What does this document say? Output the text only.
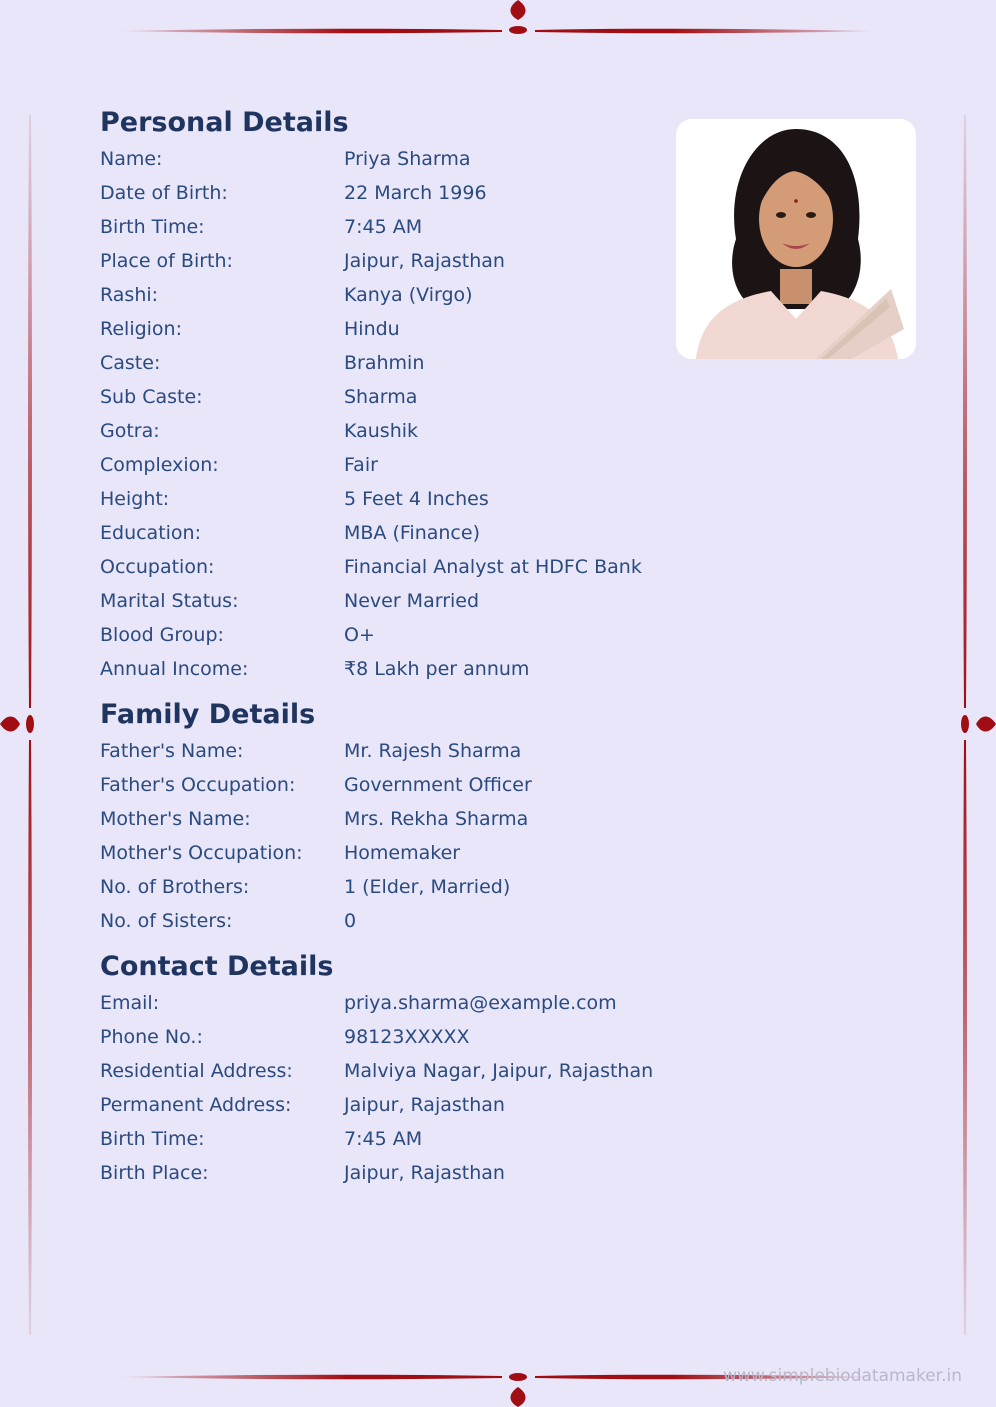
Personal Details
Name:	Priya Sharma
Date of Birth:	22 March 1996
Birth Time:	7:45 AM
Place of Birth:	Jaipur, Rajasthan
Rashi:	Kanya (Virgo)
Religion:	Hindu
Caste:	Brahmin
Sub Caste:	Sharma
Gotra:	Kaushik
Complexion:	Fair
Height:	5 Feet 4 Inches
Education:	MBA (Finance)
Occupation:	Financial Analyst at HDFC Bank
Marital Status:	Never Married
Blood Group:	O+
Annual Income:	₹8 Lakh per annum
Family Details
Father's Name:	Mr. Rajesh Sharma
Father's Occupation:	Government Officer
Mother's Name:	Mrs. Rekha Sharma
Mother's Occupation:	Homemaker
No. of Brothers:	1 (Elder, Married)
No. of Sisters:	0
Contact Details
Email:	priya.sharma@example.com
Phone No.:	98123XXXXX
Residential Address:	Malviya Nagar, Jaipur, Rajasthan
Permanent Address:	Jaipur, Rajasthan
Birth Time:	7:45 AM
Birth Place:	Jaipur, Rajasthan
www.simplebiodatamaker.in
